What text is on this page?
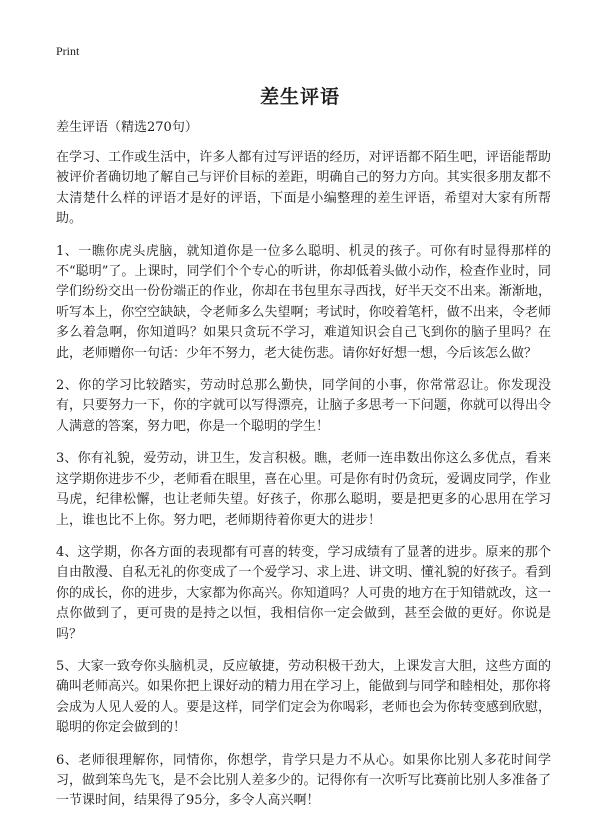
Print
差生评语
差生评语（精选270句）

在学习、工作或生活中，许多人都有过写评语的经历，对评语都不陌生吧，评语能帮助被评价者确切地了解自己与评价目标的差距，明确自己的努力方向。其实很多朋友都不太清楚什么样的评语才是好的评语，下面是小编整理的差生评语，希望对大家有所帮助。

1、一瞧你虎头虎脑，就知道你是一位多么聪明、机灵的孩子。可你有时显得那样的不“聪明”了。上课时，同学们个个专心的听讲，你却低着头做小动作，检查作业时，同学们纷纷交出一份份端正的作业，你却在书包里东寻西找，好半天交不出来。渐渐地，听写本上，你空空缺缺，令老师多么失望啊；考试时，你咬着笔杆，做不出来，令老师多么着急啊，你知道吗？如果只贪玩不学习，难道知识会自己飞到你的脑子里吗？在此，老师赠你一句话：少年不努力，老大徒伤悲。请你好好想一想，今后该怎么做？

2、你的学习比较踏实，劳动时总那么勤快，同学间的小事，你常常忍让。你发现没有，只要努力一下，你的字就可以写得漂亮，让脑子多思考一下问题，你就可以得出令人满意的答案，努力吧，你是一个聪明的学生！

3、你有礼貌，爱劳动，讲卫生，发言积极。瞧，老师一连串数出你这么多优点，看来这学期你进步不少，老师看在眼里，喜在心里。可是你有时仍贪玩，爱调皮同学，作业马虎，纪律松懈，也让老师失望。好孩子，你那么聪明，要是把更多的心思用在学习上，谁也比不上你。努力吧，老师期待着你更大的进步！

4、这学期，你各方面的表现都有可喜的转变，学习成绩有了显著的进步。原来的那个自由散漫、自私无礼的你变成了一个爱学习、求上进、讲文明、懂礼貌的好孩子。看到你的成长，你的进步，大家都为你高兴。你知道吗？人可贵的地方在于知错就改，这一点你做到了，更可贵的是持之以恒，我相信你一定会做到，甚至会做的更好。你说是吗？

5、大家一致夸你头脑机灵，反应敏捷，劳动积极干劲大，上课发言大胆，这些方面的确叫老师高兴。如果你把上课好动的精力用在学习上，能做到与同学和睦相处，那你将会成为人见人爱的人。要是这样，同学们定会为你喝彩，老师也会为你转变感到欣慰，聪明的你定会做到的！

6、老师很理解你，同情你，你想学，肯学只是力不从心。如果你比别人多花时间学习，做到笨鸟先飞，是不会比别人差多少的。记得你有一次听写比赛前比别人多准备了一节课时间，结果得了95分，多令人高兴啊！
